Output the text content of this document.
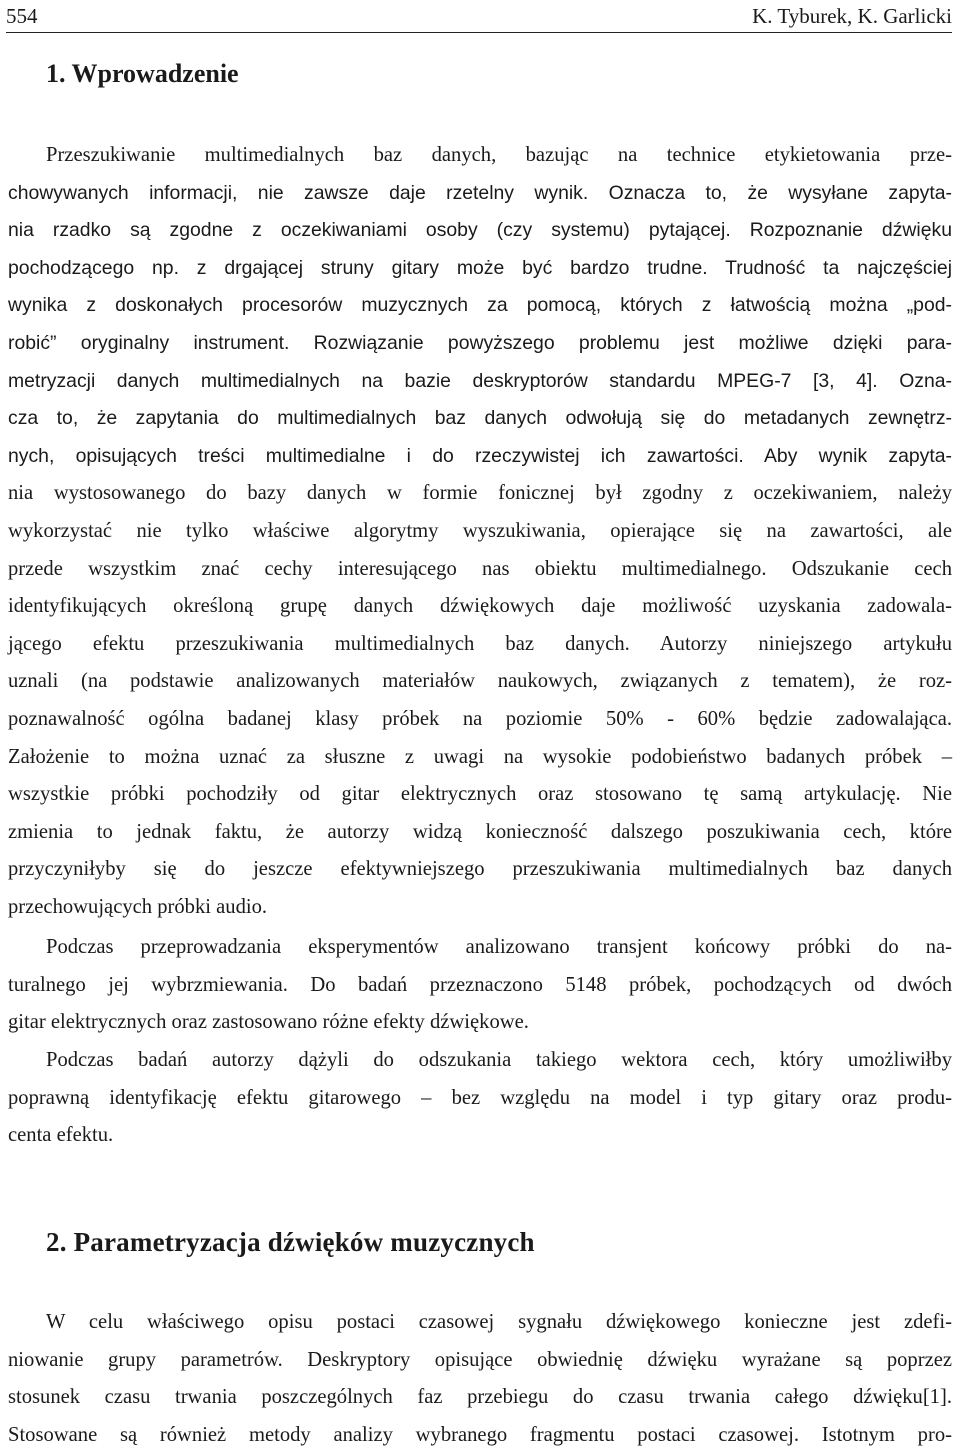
554	K. Tyburek, K. Garlicki
1. Wprowadzenie

Przeszukiwanie multimedialnych baz danych, bazując na technice etykietowania prze-
chowywanych informacji, nie zawsze daje rzetelny wynik. Oznacza to, że wysyłane zapyta-
nia rzadko są zgodne z oczekiwaniami osoby (czy systemu) pytającej. Rozpoznanie dźwięku
pochodzącego np. z drgającej struny gitary może być bardzo trudne. Trudność ta najczęściej
wynika z doskonałych procesorów muzycznych za pomocą, których z łatwością można „pod-
robić” oryginalny instrument. Rozwiązanie powyższego problemu jest możliwe dzięki para-
metryzacji danych multimedialnych na bazie deskryptorów standardu MPEG-7 [3, 4]. Ozna-
cza to, że zapytania do multimedialnych baz danych odwołują się do metadanych zewnętrz-
nych, opisujących treści multimedialne i do rzeczywistej ich zawartości. Aby wynik zapyta-
nia wystosowanego do bazy danych w formie fonicznej był zgodny z oczekiwaniem, należy
wykorzystać nie tylko właściwe algorytmy wyszukiwania, opierające się na zawartości, ale
przede wszystkim znać cechy interesującego nas obiektu multimedialnego. Odszukanie cech
identyfikujących określoną grupę danych dźwiękowych daje możliwość uzyskania zadowala-
jącego efektu przeszukiwania multimedialnych baz danych. Autorzy niniejszego artykułu
uznali (na podstawie analizowanych materiałów naukowych, związanych z tematem), że roz-
poznawalność ogólna badanej klasy próbek na poziomie 50% - 60% będzie zadowalająca.
Założenie to można uznać za słuszne z uwagi na wysokie podobieństwo badanych próbek –
wszystkie próbki pochodziły od gitar elektrycznych oraz stosowano tę samą artykulację. Nie
zmienia to jednak faktu, że autorzy widzą konieczność dalszego poszukiwania cech, które
przyczyniłyby się do jeszcze efektywniejszego przeszukiwania multimedialnych baz danych
przechowujących próbki audio.

Podczas przeprowadzania eksperymentów analizowano transjent końcowy próbki do na-
turalnego jej wybrzmiewania. Do badań przeznaczono 5148 próbek, pochodzących od dwóch
gitar elektrycznych oraz zastosowano różne efekty dźwiękowe.

Podczas badań autorzy dążyli do odszukania takiego wektora cech, który umożliwiłby
poprawną identyfikację efektu gitarowego – bez względu na model i typ gitary oraz produ-
centa efektu.

2. Parametryzacja dźwięków muzycznych

W celu właściwego opisu postaci czasowej sygnału dźwiękowego konieczne jest zdefi-
niowanie grupy parametrów. Deskryptory opisujące obwiednię dźwięku wyrażane są poprzez
stosunek czasu trwania poszczególnych faz przebiegu do czasu trwania całego dźwięku[1].
Stosowane są również metody analizy wybranego fragmentu postaci czasowej. Istotnym pro-
